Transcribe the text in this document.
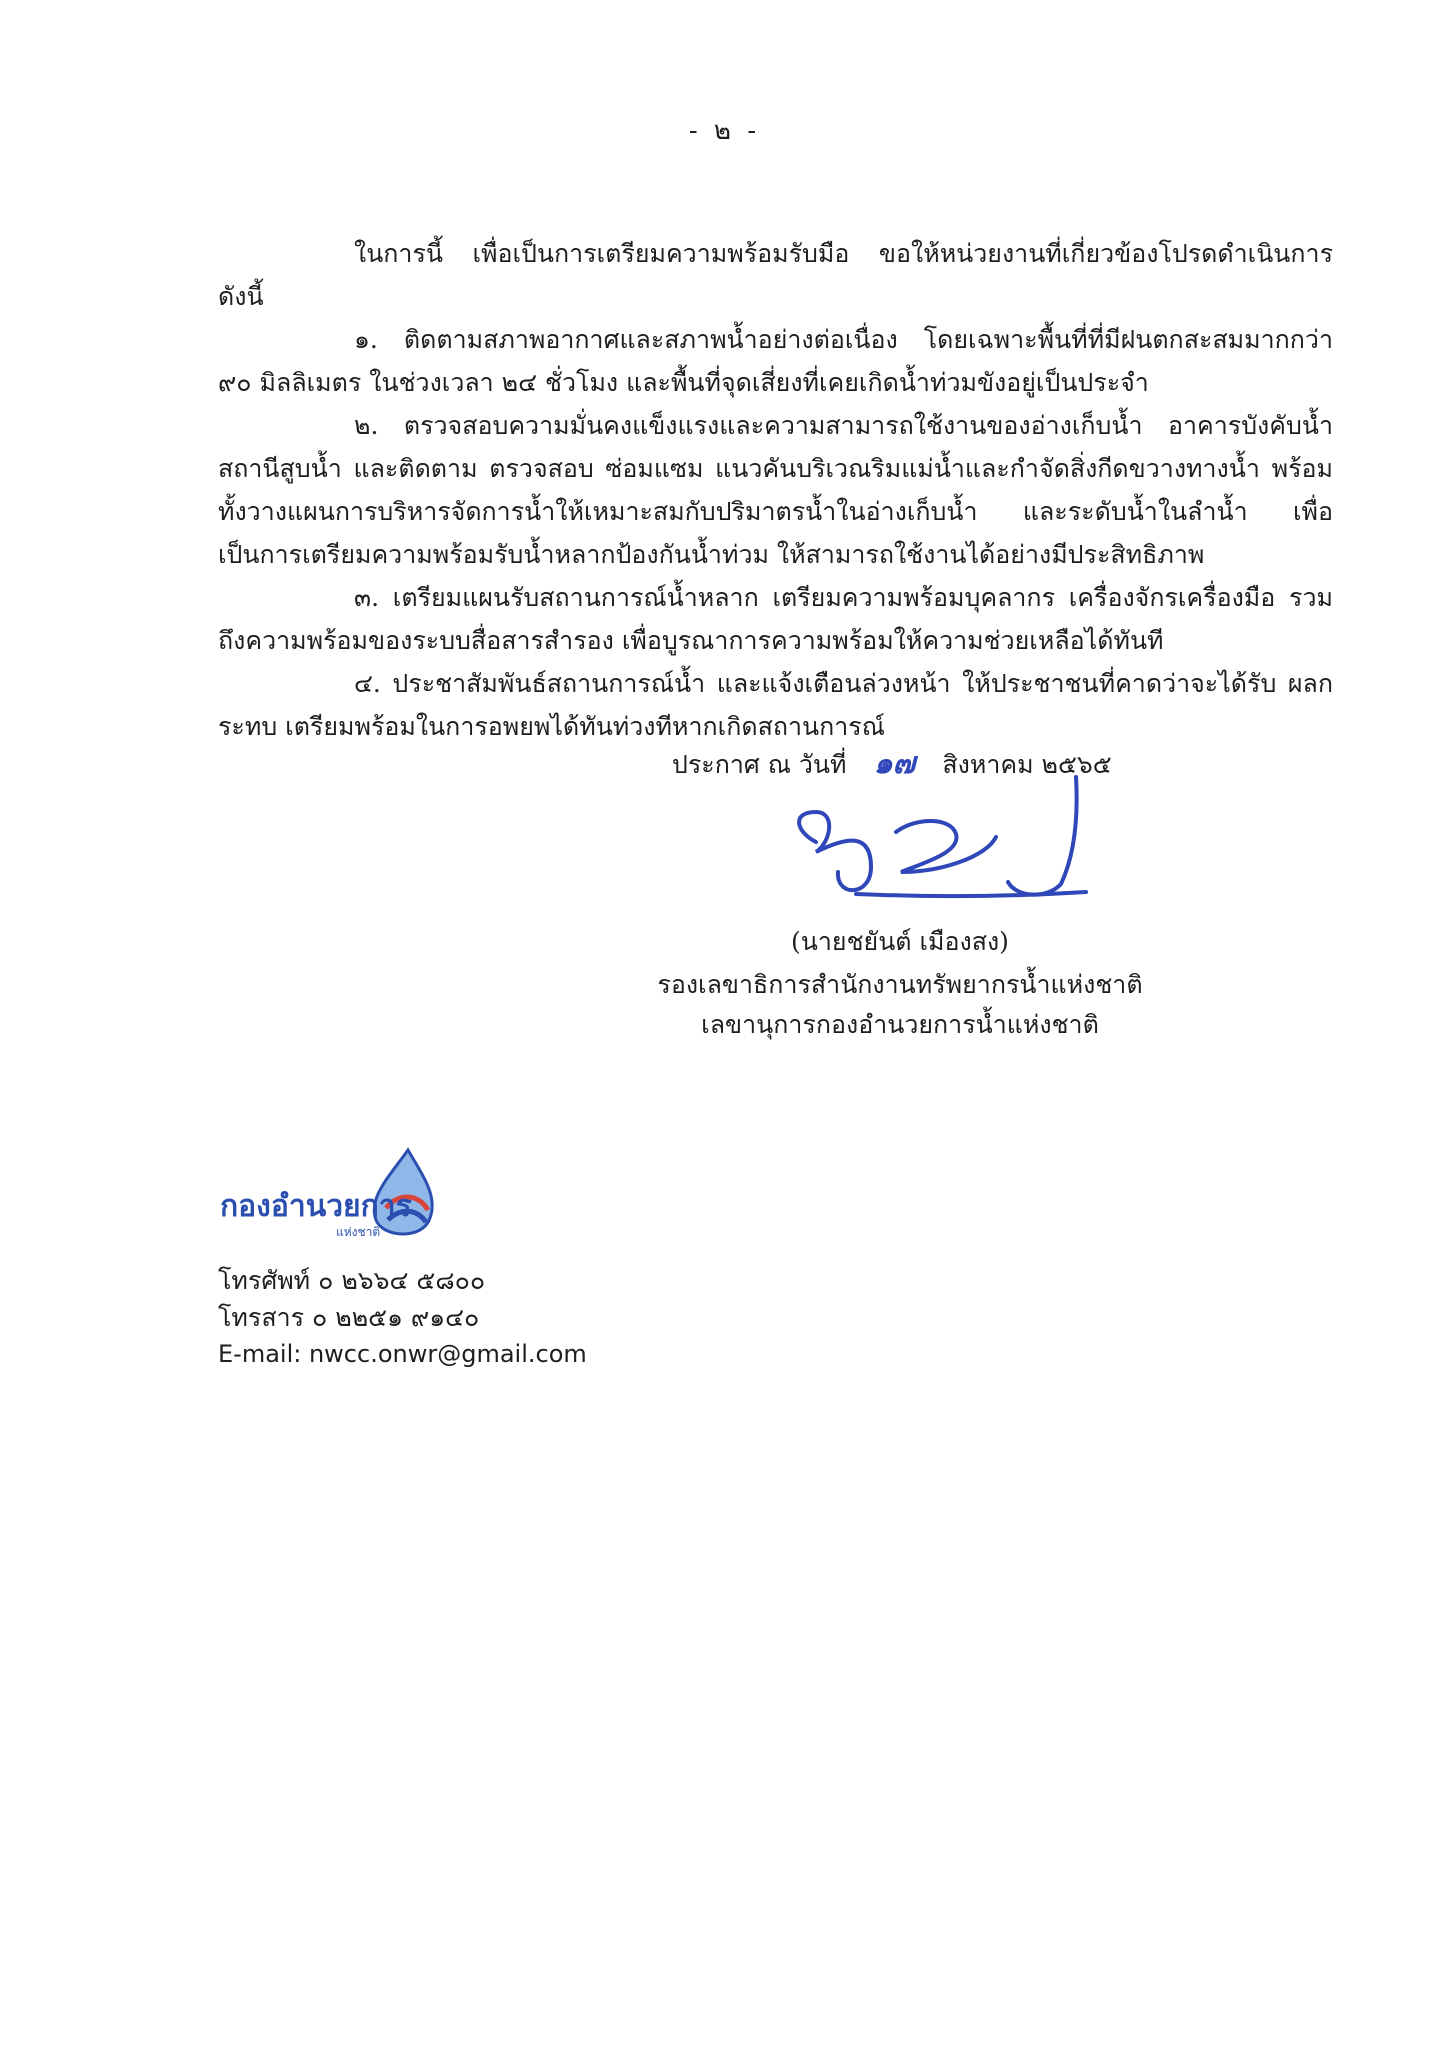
- ๒ -

ในการนี้ เพื่อเป็นการเตรียมความพร้อมรับมือ ขอให้หน่วยงานที่เกี่ยวข้องโปรดดำเนินการ ดังนี้

๑. ติดตามสภาพอากาศและสภาพน้ำอย่างต่อเนื่อง โดยเฉพาะพื้นที่ที่มีฝนตกสะสมมากกว่า ๙๐ มิลลิเมตร ในช่วงเวลา ๒๔ ชั่วโมง และพื้นที่จุดเสี่ยงที่เคยเกิดน้ำท่วมขังอยู่เป็นประจำ

๒. ตรวจสอบความมั่นคงแข็งแรงและความสามารถใช้งานของอ่างเก็บน้ำ อาคารบังคับน้ำ สถานีสูบน้ำ และติดตาม ตรวจสอบ ซ่อมแซม แนวคันบริเวณริมแม่น้ำและกำจัดสิ่งกีดขวางทางน้ำ พร้อมทั้งวางแผนการบริหารจัดการน้ำให้เหมาะสมกับปริมาตรน้ำในอ่างเก็บน้ำ และระดับน้ำในลำน้ำ เพื่อเป็นการเตรียมความพร้อมรับน้ำหลากป้องกันน้ำท่วม ให้สามารถใช้งานได้อย่างมีประสิทธิภาพ

๓. เตรียมแผนรับสถานการณ์น้ำหลาก เตรียมความพร้อมบุคลากร เครื่องจักรเครื่องมือ รวมถึงความพร้อมของระบบสื่อสารสำรอง เพื่อบูรณาการความพร้อมให้ความช่วยเหลือได้ทันที

๔. ประชาสัมพันธ์สถานการณ์น้ำ และแจ้งเตือนล่วงหน้า ให้ประชาชนที่คาดว่าจะได้รับ ผลกระทบ เตรียมพร้อมในการอพยพได้ทันท่วงทีหากเกิดสถานการณ์

ประกาศ ณ วันที่ ๑๗ สิงหาคม ๒๕๖๕
(นายชยันต์ เมืองสง)
รองเลขาธิการสำนักงานทรัพยากรน้ำแห่งชาติ
เลขานุการกองอำนวยการน้ำแห่งชาติ
กองอำนวยการ
แห่งชาติ
โทรศัพท์ ๐ ๒๖๖๔ ๕๘๐๐
โทรสาร ๐ ๒๒๕๑ ๙๑๔๐
E-mail: nwcc.onwr@gmail.com
